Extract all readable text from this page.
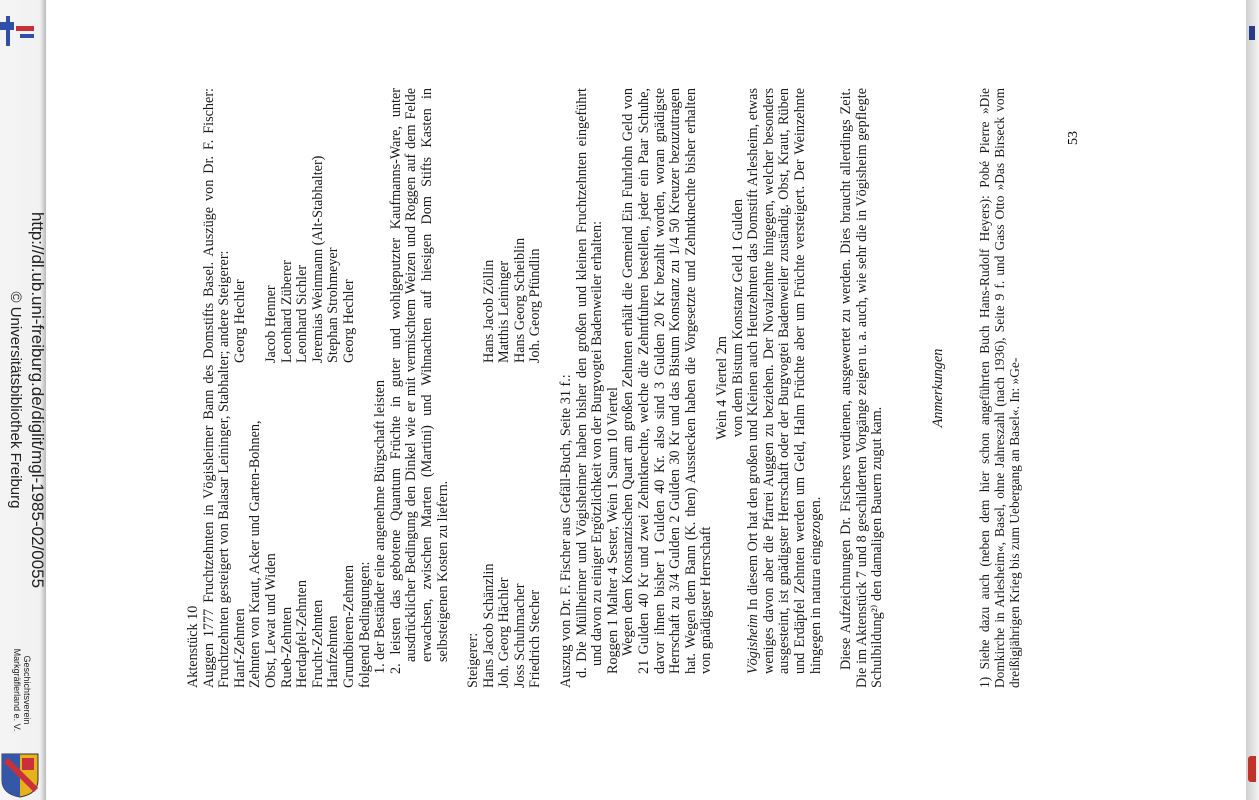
http://dl.ub.uni-freiburg.de/diglit/mgl-1985-02/0055
© Universitätsbibliothek Freiburg
Geschichtsverein
Markgräflerland e. V.

Aktenstück 10 Auggen 1777 Fruchtzehnten in Vögisheimer Bann des Domstifts Basel. Auszüge von Dr. F. Fischer: Fruchtzehnten gesteigert von Balasar Leininger, Stabhalter; andere Steigerer: Hanf-Zehnten
Georg Hechler
Zehnten von Kraut, Acker und Garten-Bohnen, Obst, Lewat und Widen
Jacob Henner
Rueb-Zehnten
Leonhard Züberer
Herdapfel-Zehnten
Leonhard Sichler
Frucht-Zehnten
Jeremias Weinmann (Alt-Stabhalter)
Hanfzehnten
Stephan Strohmeyer
Grundbieren-Zehnten
Georg Hechler

folgend Bedingungen: 1. der Beständer eine angenehme Bürgschaft leisten 2. leisten das gebotene Quantum Früchte in guter und wohlgeputzter Kaufmanns-Ware, unter ausdrücklicher Bedingung den Dinkel wie er mit vermischtem Weizen und Roggen auf dem Felde erwachsen, zwischen Marten (Martini) und Wihnachten auf hiesigen Dom Stifts Kasten in selbsteigenen Kosten zu liefern. Steigerer: Hans Jacob Schänzlin
Hans Jacob Zöllin
Joh. Georg Hächler
Matthis Leininger
Joss Schuhmacher
Hans Georg Scheiblin
Friedrich Stecher
Joh. Georg Pfündlin

Auszug von Dr. F. Fischer aus Gefäll-Buch, Seite 31 f.: d. Die Müllheimer und Vögisheimer haben bisher den großen und kleinen Fruchtzehnten eingeführt und davon zu einiger Ergötzlichkeit von der Burgvogtei Badenweiler erhalten: Roggen 1 Malter 4 Sester, Wein 1 Saum 10 Viertel Wegen dem Konstanzischen Quart am großen Zehnten erhält die Gemeind Ein Fuhrlohn Geld von 21 Gulden 40 Kr und zwei Zehntknechte, welche die Zehntfuhren bestellen, jeder ein Paar Schuhe, davor ihnen bisher 1 Gulden 40 Kr. also sind 3 Gulden 20 Kr bezahlt worden, woran gnädigste Herrschaft zu 3/4 Gulden 2 Gulden 30 Kr und das Bistum Konstanz zu 1/4 50 Kreuzer bezuzutragen hat. Wegen dem Bann (K. then) Ausstecken haben die Vorgesetzte und Zehntknechte bisher erhalten von gnädigster Herrschaft

Wein 4 Viertel 2m von dem Bistum Konstanz Geld 1 Gulden

Vögisheim In diesem Ort hat den großen und Kleinen auch Heutzehnten das Domstift Arlesheim, etwas weniges davon aber die Pfarrei Auggen zu beziehen. Der Novalzehnte hingegen, welcher besonders ausgesteint, ist gnädigster Herrschaft oder der Burgvogtei Badenweiler zuständig. Obst, Kraut, Rüben und Erdäpfel Zehnten werden um Geld, Halm Früchte aber um Früchte versteigert. Der Weinzehnte hingegen in natura eingezogen. Diese Aufzeichnungen Dr. Fischers verdienen, ausgewertet zu werden. Dies braucht allerdings Zeit. Die im Aktenstück 7 und 8 geschilderten Vorgänge zeigen u. a. auch, wie sehr die in Vögisheim gepflegte Schulbildung²⁾ den damaligen Bauern zugut kam.

Anmerkungen 1) Siehe dazu auch (neben dem hier schon angeführten Buch Hans-Rudolf Heyers): Pobé Pierre »Die Domkirche in Arlesheim«, Basel, ohne Jahreszahl (nach 1936), Seite 9 f. und Gass Otto »Das Birseck vom dreißigjährigen Krieg bis zum Uebergang an Basel«. In: »Ge-

53
